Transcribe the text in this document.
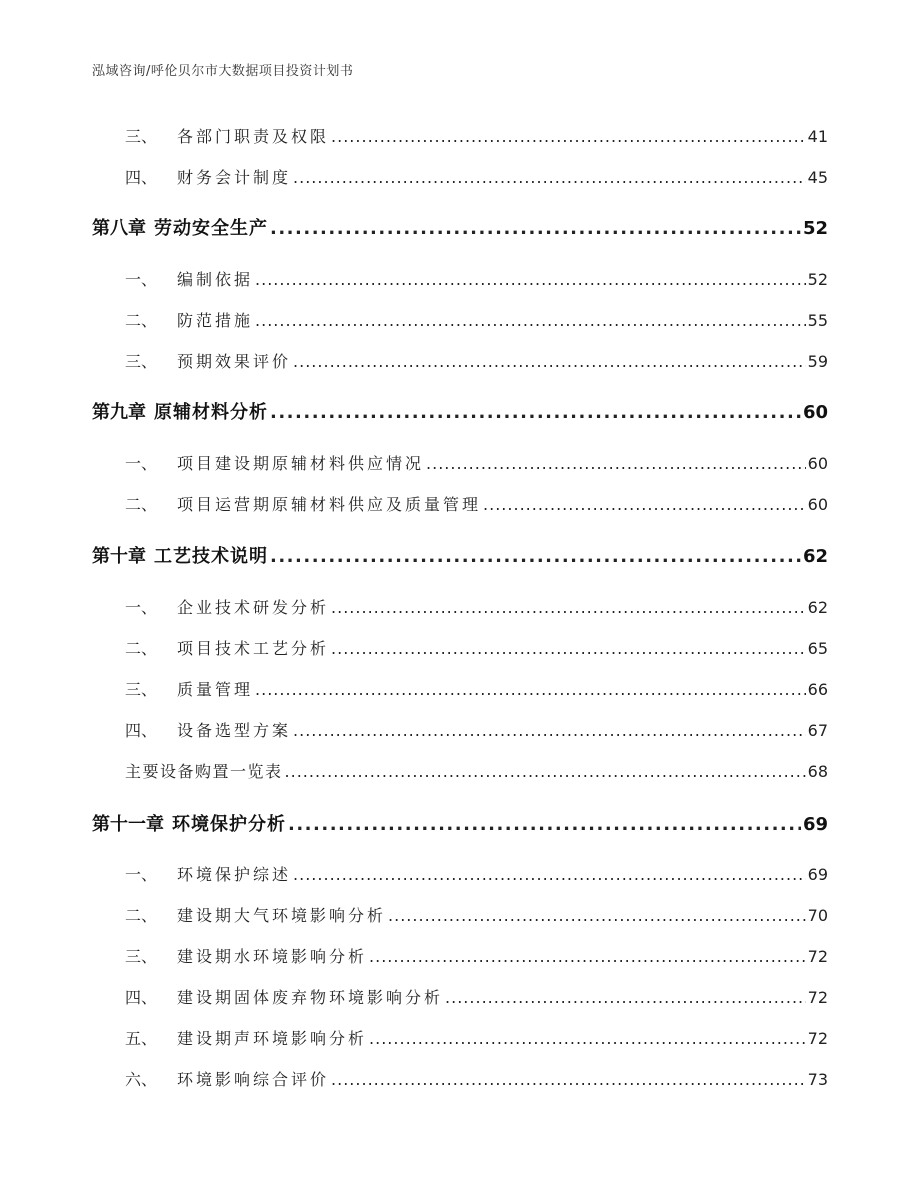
泓域咨询/呼伦贝尔市大数据项目投资计划书
三 、 各部门职责及权限 .....	41
四 、 财务会计制度 .....	45
第八章 劳动安全生产 .....	52
一 、 编制依据 .....	52
二 、 防范措施 .....	55
三 、 预期效果评价 .....	59
第九章 原辅材料分析 .....	60
一 、 项目建设期原辅材料供应情况 .....	60
二 、 项目运营期原辅材料供应及质量管理 .....	60
第十章 工艺技术说明 .....	62
一 、 企业技术研发分析 .....	62
二 、 项目技术工艺分析 .....	65
三 、 质量管理 .....	66
四 、 设备选型方案 .....	67
主要设备购置一览表 .....	68
第十一章 环境保护分析 .....	69
一 、 环境保护综述 .....	69
二 、 建设期大气环境影响分析 .....	70
三 、 建设期水环境影响分析 .....	72
四 、 建设期固体废弃物环境影响分析 .....	72
五 、 建设期声环境影响分析 .....	72
六 、 环境影响综合评价 .....	73
